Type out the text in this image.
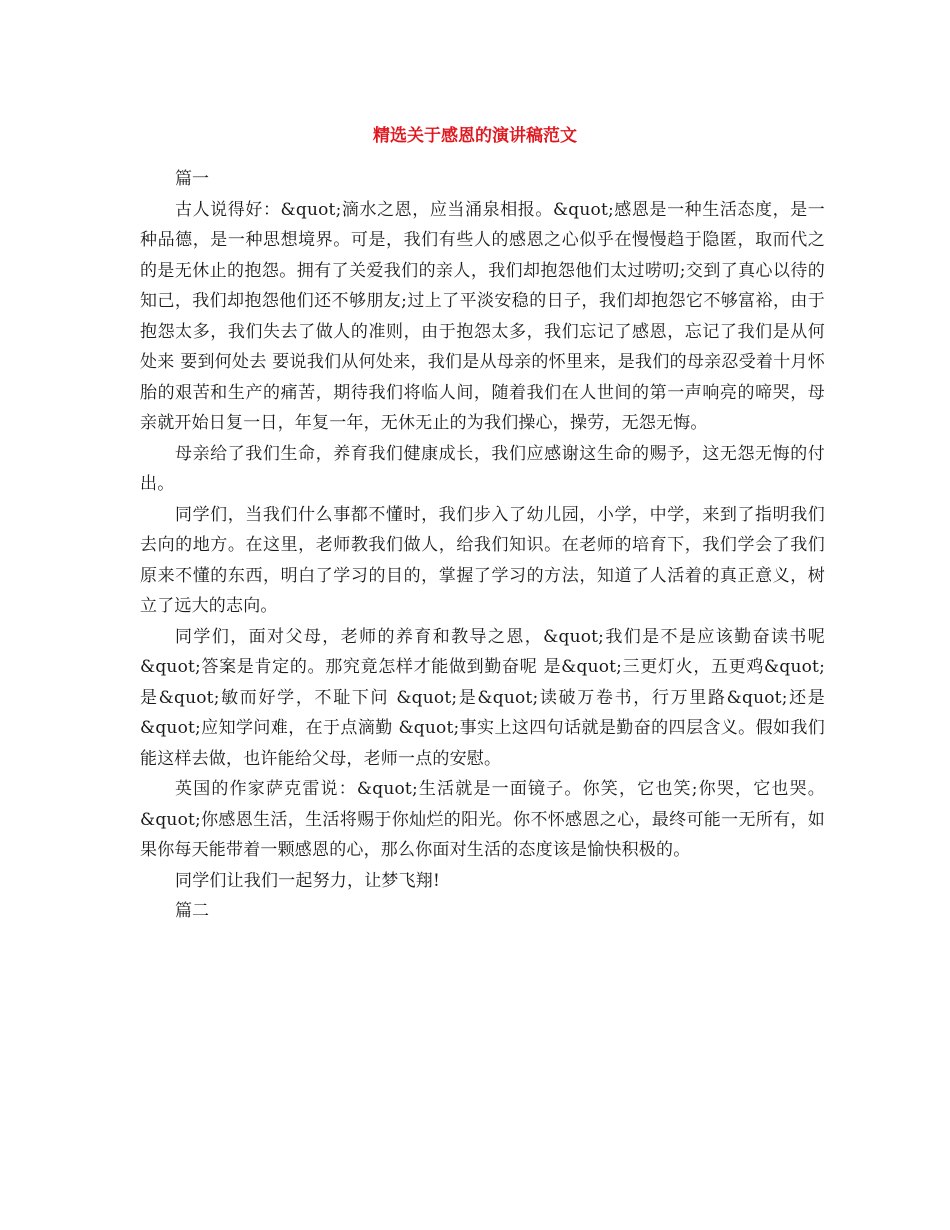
精选关于感恩的演讲稿范文

篇一

古人说得好：&quot;滴水之恩，应当涌泉相报。&quot;感恩是一种生活态度，是一种品德，是一种思想境界。可是，我们有些人的感恩之心似乎在慢慢趋于隐匿，取而代之的是无休止的抱怨。拥有了关爱我们的亲人，我们却抱怨他们太过唠叨;交到了真心以待的知己，我们却抱怨他们还不够朋友;过上了平淡安稳的日子，我们却抱怨它不够富裕，由于抱怨太多，我们失去了做人的准则，由于抱怨太多，我们忘记了感恩，忘记了我们是从何处来 要到何处去 要说我们从何处来，我们是从母亲的怀里来，是我们的母亲忍受着十月怀胎的艰苦和生产的痛苦，期待我们将临人间，随着我们在人世间的第一声响亮的啼哭，母亲就开始日复一日，年复一年，无休无止的为我们操心，操劳，无怨无悔。

母亲给了我们生命，养育我们健康成长，我们应感谢这生命的赐予，这无怨无悔的付出。

同学们，当我们什么事都不懂时，我们步入了幼儿园，小学，中学，来到了指明我们去向的地方。在这里，老师教我们做人，给我们知识。在老师的培育下，我们学会了我们原来不懂的东西，明白了学习的目的，掌握了学习的方法，知道了人活着的真正意义，树立了远大的志向。

同学们，面对父母，老师的养育和教导之恩，&quot;我们是不是应该勤奋读书呢 &quot;答案是肯定的。那究竟怎样才能做到勤奋呢 是&quot;三更灯火，五更鸡&quot;是&quot;敏而好学，不耻下问 &quot;是&quot;读破万卷书，行万里路&quot;还是&quot;应知学问难，在于点滴勤 &quot;事实上这四句话就是勤奋的四层含义。假如我们能这样去做，也许能给父母，老师一点的安慰。

英国的作家萨克雷说：&quot;生活就是一面镜子。你笑，它也笑;你哭，它也哭。&quot;你感恩生活，生活将赐于你灿烂的阳光。你不怀感恩之心，最终可能一无所有，如果你每天能带着一颗感恩的心，那么你面对生活的态度该是愉快积极的。

同学们让我们一起努力，让梦飞翔!

篇二
